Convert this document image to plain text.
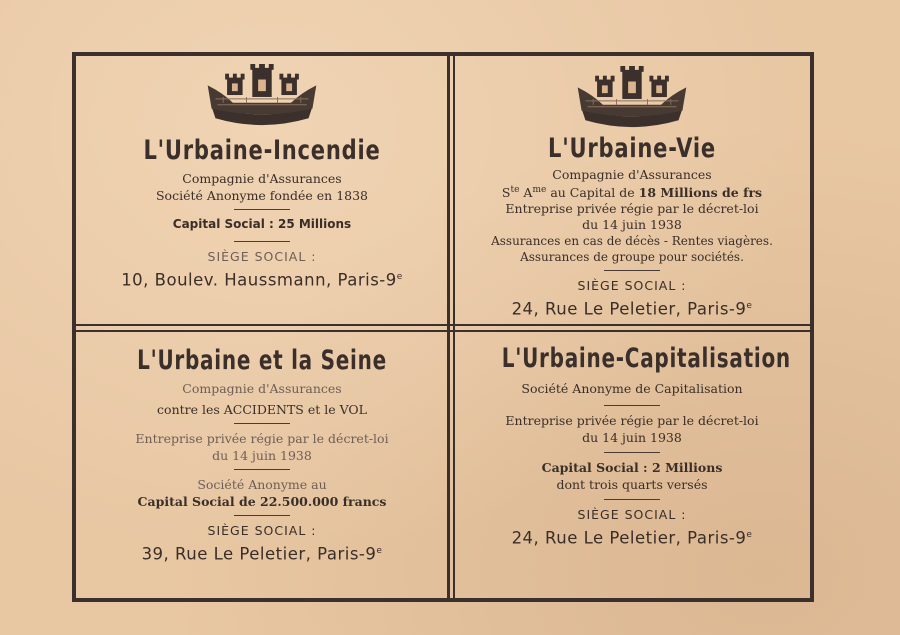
L'Urbaine-Incendie
Compagnie d'Assurances
Société Anonyme fondée en 1838
Capital Social : 25 Millions
SIÈGE SOCIAL :
10, Boulev. Haussmann, Paris-9e
L'Urbaine-Vie
Compagnie d'Assurances
$S^{te}$ $A^{me}$ au Capital de 18 Millions de frs
Entreprise privée régie par le décret-loi
du 14 juin 1938
Assurances en cas de décès - Rentes viagères.
Assurances de groupe pour sociétés.
SIÈGE SOCIAL :
24, Rue Le Peletier, Paris-9e
L'Urbaine et la Seine
Compagnie d'Assurances
contre les ACCIDENTS et le VOL
Entreprise privée régie par le décret-loi
du 14 juin 1938
Société Anonyme au
Capital Social de 22.500.000 francs
SIÈGE SOCIAL :
39, Rue Le Peletier, Paris-9e
L'Urbaine-Capitalisation
Société Anonyme de Capitalisation
Entreprise privée régie par le décret-loi
du 14 juin 1938
Capital Social : 2 Millions
dont trois quarts versés
SIÈGE SOCIAL :
24, Rue Le Peletier, Paris-9e
